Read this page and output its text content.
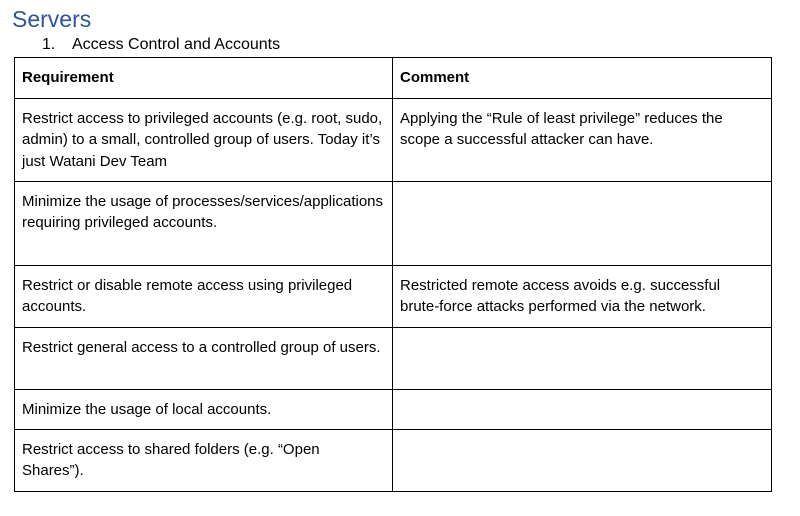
Servers
1. Access Control and Accounts
Requirement	Comment
Restrict access to privileged accounts (e.g. root, sudo, admin) to a small, controlled group of users. Today it’s just Watani Dev Team	Applying the “Rule of least privilege” reduces the scope a successful attacker can have.
Minimize the usage of processes/services/applications requiring privileged accounts.	
Restrict or disable remote access using privileged accounts.	Restricted remote access avoids e.g. successful brute-force attacks performed via the network.
Restrict general access to a controlled group of users.	
Minimize the usage of local accounts.	
Restrict access to shared folders (e.g. “Open Shares”).	
